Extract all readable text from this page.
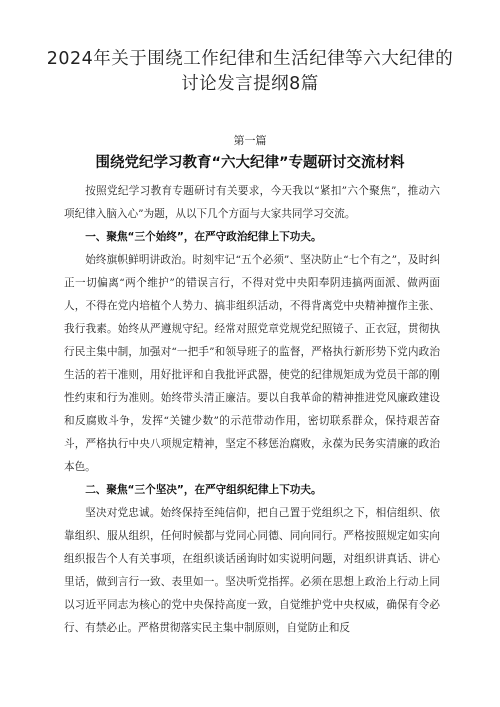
2024年关于围绕工作纪律和生活纪律等六大纪律的
讨论发言提纲8篇
第一篇
围绕党纪学习教育“六大纪律”专题研讨交流材料

按照党纪学习教育专题研讨有关要求，今天我以“紧扣”六个聚焦”，推动六项纪律入脑入心”为题，从以下几个方面与大家共同学习交流。

一、聚焦“三个始终”，在严守政治纪律上下功夫。

始终旗帜鲜明讲政治。时刻牢记“五个必须”、坚决防止“七个有之”，及时纠正一切偏离“两个维护”的错误言行，不得对党中央阳奉阴违搞两面派、做两面人，不得在党内培植个人势力、搞非组织活动，不得背离党中央精神擅作主张、我行我素。始终从严遵规守纪。经常对照党章党规党纪照镜子、正衣冠，贯彻执行民主集中制，加强对“一把手”和领导班子的监督，严格执行新形势下党内政治生活的若干准则，用好批评和自我批评武器，使党的纪律规矩成为党员干部的刚性约束和行为准则。始终带头清正廉洁。要以自我革命的精神推进党风廉政建设和反腐败斗争，发挥“关键少数”的示范带动作用，密切联系群众，保持艰苦奋斗，严格执行中央八项规定精神，坚定不移惩治腐败，永葆为民务实清廉的政治本色。

二、聚焦“三个坚决”，在严守组织纪律上下功夫。

坚决对党忠诚。始终保持至纯信仰，把自己置于党组织之下，相信组织、依靠组织、服从组织，任何时候都与党同心同德、同向同行。严格按照规定如实向组织报告个人有关事项，在组织谈话函询时如实说明问题，对组织讲真话、讲心里话，做到言行一致、表里如一。坚决听党指挥。必须在思想上政治上行动上同以习近平同志为核心的党中央保持高度一致，自觉维护党中央权威，确保有令必行、有禁必止。严格贯彻落实民主集中制原则，自觉防止和反
